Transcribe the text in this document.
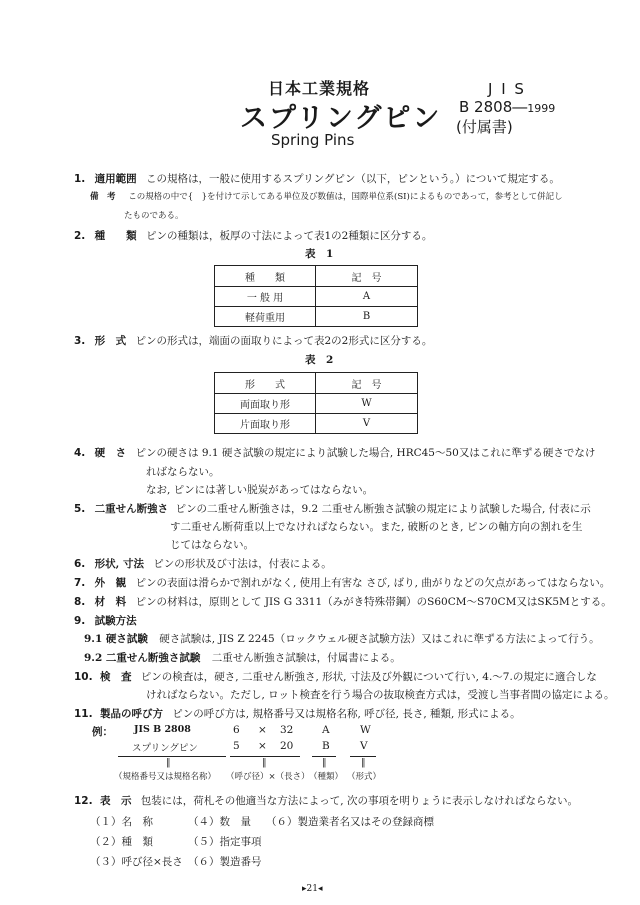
日本工業規格
スプリングピン
Spring Pins
J I S
B 2808―1999
(付属書)
1. 適用範囲 この規格は，一般に使用するスプリングピン（以下，ピンという。）について規定する。
備　考 この規格の中で{　}を付けて示してある単位及び数値は，国際単位系(SI)によるものであって，参考として併記し
たものである。
2. 種　　類 ピンの種類は，板厚の寸法によって表1の2種類に区分する。
表　1
種　　類	記　号
一 般 用	A
軽荷重用	B
3. 形　式 ピンの形式は，端面の面取りによって表2の2形式に区分する。
表　2
形　　式	記　号
両面取り形	W
片面取り形	V
4. 硬　さ ピンの硬さは 9.1 硬さ試験の規定により試験した場合, HRC45～50又はこれに準ずる硬さでなけ
ればならない。
なお, ピンには著しい脱炭があってはならない。
5. 二重せん断強さ ピンの二重せん断強さは，9.2 二重せん断強さ試験の規定により試験した場合, 付表に示
す二重せん断荷重以上でなければならない。また, 破断のとき, ピンの軸方向の割れを生
じてはならない。
6. 形状, 寸法 ピンの形状及び寸法は，付表による。
7. 外　観 ピンの表面は滑らかで割れがなく, 使用上有害な さび, ばり, 曲がりなどの欠点があってはならない。
8. 材　料 ピンの材料は，原則として JIS G 3311（みがき特殊帯鋼）のS60CM～S70CM又はSK5Mとする。
9. 試験方法
9.1 硬さ試験 硬さ試験は, JIS Z 2245（ロックウェル硬さ試験方法）又はこれに準ずる方法によって行う。
9.2 二重せん断強さ試験 二重せん断強さ試験は，付属書による。
10. 検　査 ピンの検査は，硬さ, 二重せん断強さ, 形状, 寸法及び外観について行い, 4.～7.の規定に適合しな
ければならない。ただし, ロット検査を行う場合の抜取検査方式は，受渡し当事者間の協定による。
11. 製品の呼び方 ピンの呼び方は, 規格番号又は規格名称, 呼び径, 長さ, 種類, 形式による。
例： JIS B 2808	6 × 32	A	W
スプリングピン	5 × 20	B	V
‖	‖	‖	‖
（規格番号又は規格名称） （呼び径）×（長さ） （種類） （形式）
12. 表　示 包装には，荷札その他適当な方法によって, 次の事項を明りょうに表示しなければならない。
（１）名　称	（４）数　量 （６）製造業者名又はその登録商標
（２）種　類	（５）指定事項
（３）呼び径×長さ （６）製造番号
▸21◂
